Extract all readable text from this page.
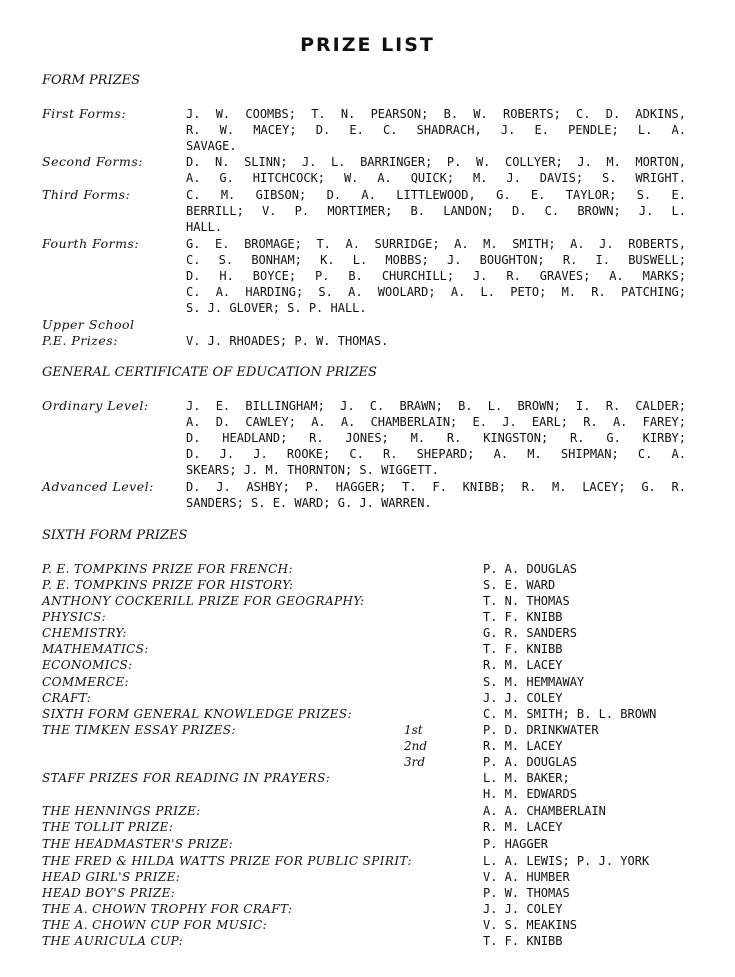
PRIZE LIST
FORM PRIZES
First Forms:	J. W. COOMBS; T. N. PEARSON; B. W. ROBERTS; C. D. ADKINS,
R. W. MACEY; D. E. C. SHADRACH, J. E. PENDLE; L. A.
SAVAGE.
Second Forms:	D. N. SLINN; J. L. BARRINGER; P. W. COLLYER; J. M. MORTON,
A. G. HITCHCOCK; W. A. QUICK; M. J. DAVIS; S. WRIGHT.
Third Forms:	C. M. GIBSON; D. A. LITTLEWOOD, G. E. TAYLOR; S. E.
BERRILL; V. P. MORTIMER; B. LANDON; D. C. BROWN; J. L.
HALL.
Fourth Forms:	G. E. BROMAGE; T. A. SURRIDGE; A. M. SMITH; A. J. ROBERTS,
C. S. BONHAM; K. L. MOBBS; J. BOUGHTON; R. I. BUSWELL;
D. H. BOYCE; P. B. CHURCHILL; J. R. GRAVES; A. MARKS;
C. A. HARDING; S. A. WOOLARD; A. L. PETO; M. R. PATCHING;
S. J. GLOVER; S. P. HALL.
Upper School
P.E. Prizes:	V. J. RHOADES; P. W. THOMAS.
GENERAL CERTIFICATE OF EDUCATION PRIZES
Ordinary Level:	J. E. BILLINGHAM; J. C. BRAWN; B. L. BROWN; I. R. CALDER;
A. D. CAWLEY; A. A. CHAMBERLAIN; E. J. EARL; R. A. FAREY;
D. HEADLAND; R. JONES; M. R. KINGSTON; R. G. KIRBY;
D. J. J. ROOKE; C. R. SHEPARD; A. M. SHIPMAN; C. A.
SKEARS; J. M. THORNTON; S. WIGGETT.
Advanced Level:	D. J. ASHBY; P. HAGGER; T. F. KNIBB; R. M. LACEY; G. R.
SANDERS; S. E. WARD; G. J. WARREN.
SIXTH FORM PRIZES
P. E. TOMPKINS PRIZE FOR FRENCH:	P. A. DOUGLAS
P. E. TOMPKINS PRIZE FOR HISTORY:	S. E. WARD
ANTHONY COCKERILL PRIZE FOR GEOGRAPHY:	T. N. THOMAS
PHYSICS:	T. F. KNIBB
CHEMISTRY:	G. R. SANDERS
MATHEMATICS:	T. F. KNIBB
ECONOMICS:	R. M. LACEY
COMMERCE:	S. M. HEMMAWAY
CRAFT:	J. J. COLEY
SIXTH FORM GENERAL KNOWLEDGE PRIZES:	C. M. SMITH; B. L. BROWN
THE TIMKEN ESSAY PRIZES:	1st	P. D. DRINKWATER
2nd	R. M. LACEY
3rd	P. A. DOUGLAS
STAFF PRIZES FOR READING IN PRAYERS:	L. M. BAKER;
H. M. EDWARDS
THE HENNINGS PRIZE:	A. A. CHAMBERLAIN
THE TOLLIT PRIZE:	R. M. LACEY
THE HEADMASTER'S PRIZE:	P. HAGGER
THE FRED & HILDA WATTS PRIZE FOR PUBLIC SPIRIT:	L. A. LEWIS; P. J. YORK
HEAD GIRL'S PRIZE:	V. A. HUMBER
HEAD BOY'S PRIZE:	P. W. THOMAS
THE A. CHOWN TROPHY FOR CRAFT:	J. J. COLEY
THE A. CHOWN CUP FOR MUSIC:	V. S. MEAKINS
THE AURICULA CUP:	T. F. KNIBB
